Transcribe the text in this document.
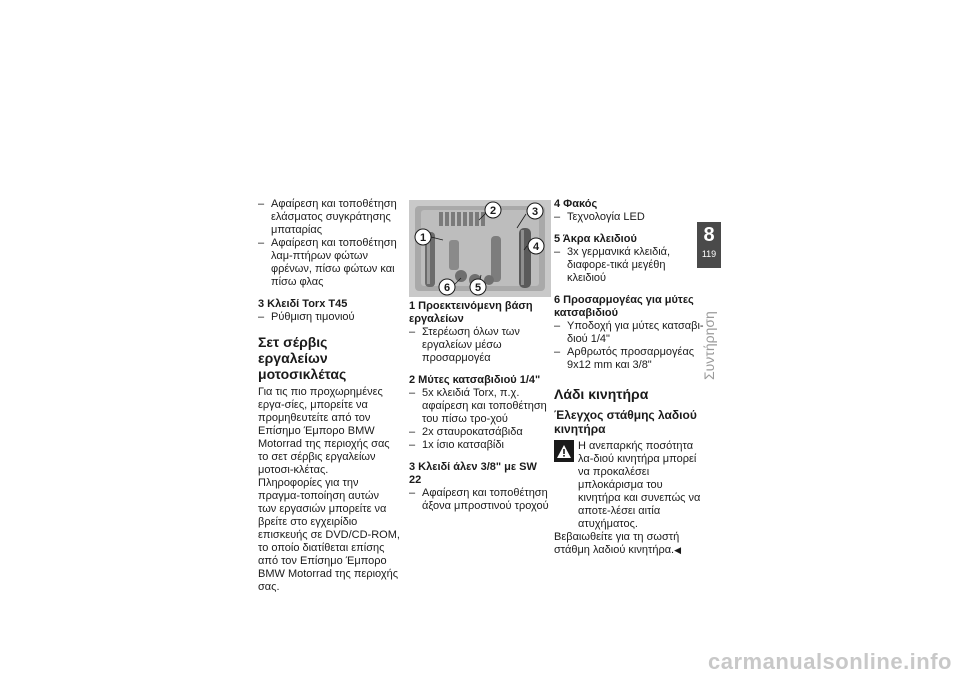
– Αφαίρεση και τοποθέτηση ελάσματος συγκράτησης μπαταρίας
– Αφαίρεση και τοποθέτηση λαμ-πτήρων φώτων φρένων, πίσω φώτων και πίσω φλας
3 Κλειδί Torx T45
– Ρύθμιση τιμονιού
Σετ σέρβις εργαλείων μοτοσικλέτας

Για τις πιο προχωρημένες εργα-σίες, μπορείτε να προμηθευτείτε από τον Επίσημο Έμπορο BMW Motorrad της περιοχής σας το σετ σέρβις εργαλείων μοτοσι-κλέτας.

Πληροφορίες για την πραγμα-τοποίηση αυτών των εργασιών μπορείτε να βρείτε στο εγχειρίδιο επισκευής σε DVD/CD-ROM, το οποίο διατίθεται επίσης από τον Επίσημο Έμπορο BMW Motorrad της περιοχής σας.

1
2	3
4
5
6
1 Προεκτεινόμενη βάση εργαλείων
– Στερέωση όλων των εργαλείων μέσω προσαρμογέα
2 Μύτες κατσαβιδιού 1/4"
– 5x κλειδιά Torx, π.χ. αφαίρεση και τοποθέτηση του πίσω τρο-χού
– 2x σταυροκατσάβιδα
– 1x ίσιο κατσαβίδι
3 Κλειδί άλεν 3/8" με SW 22
– Αφαίρεση και τοποθέτηση άξονα μπροστινού τροχού
4 Φακός
– Τεχνολογία LED
5 Άκρα κλειδιού
– 3x γερμανικά κλειδιά, διαφορε-τικά μεγέθη κλειδιού
6 Προσαρμογέας για μύτες κατσαβιδιού
– Υποδοχή για μύτες κατσαβι-διού 1/4"
– Αρθρωτός προσαρμογέας 9x12 mm και 3/8"
Λάδι κινητήρα
Έλεγχος στάθμης λαδιού κινητήρα
Η ανεπαρκής ποσότητα λα-διού κινητήρα μπορεί να προκαλέσει μπλοκάρισμα του κινητήρα και συνεπώς να αποτε-λέσει αιτία ατυχήματος.

Βεβαιωθείτε για τη σωστή στάθμη λαδιού κινητήρα.◀

8
119
Συντήρηση
carmanualsonline.info
